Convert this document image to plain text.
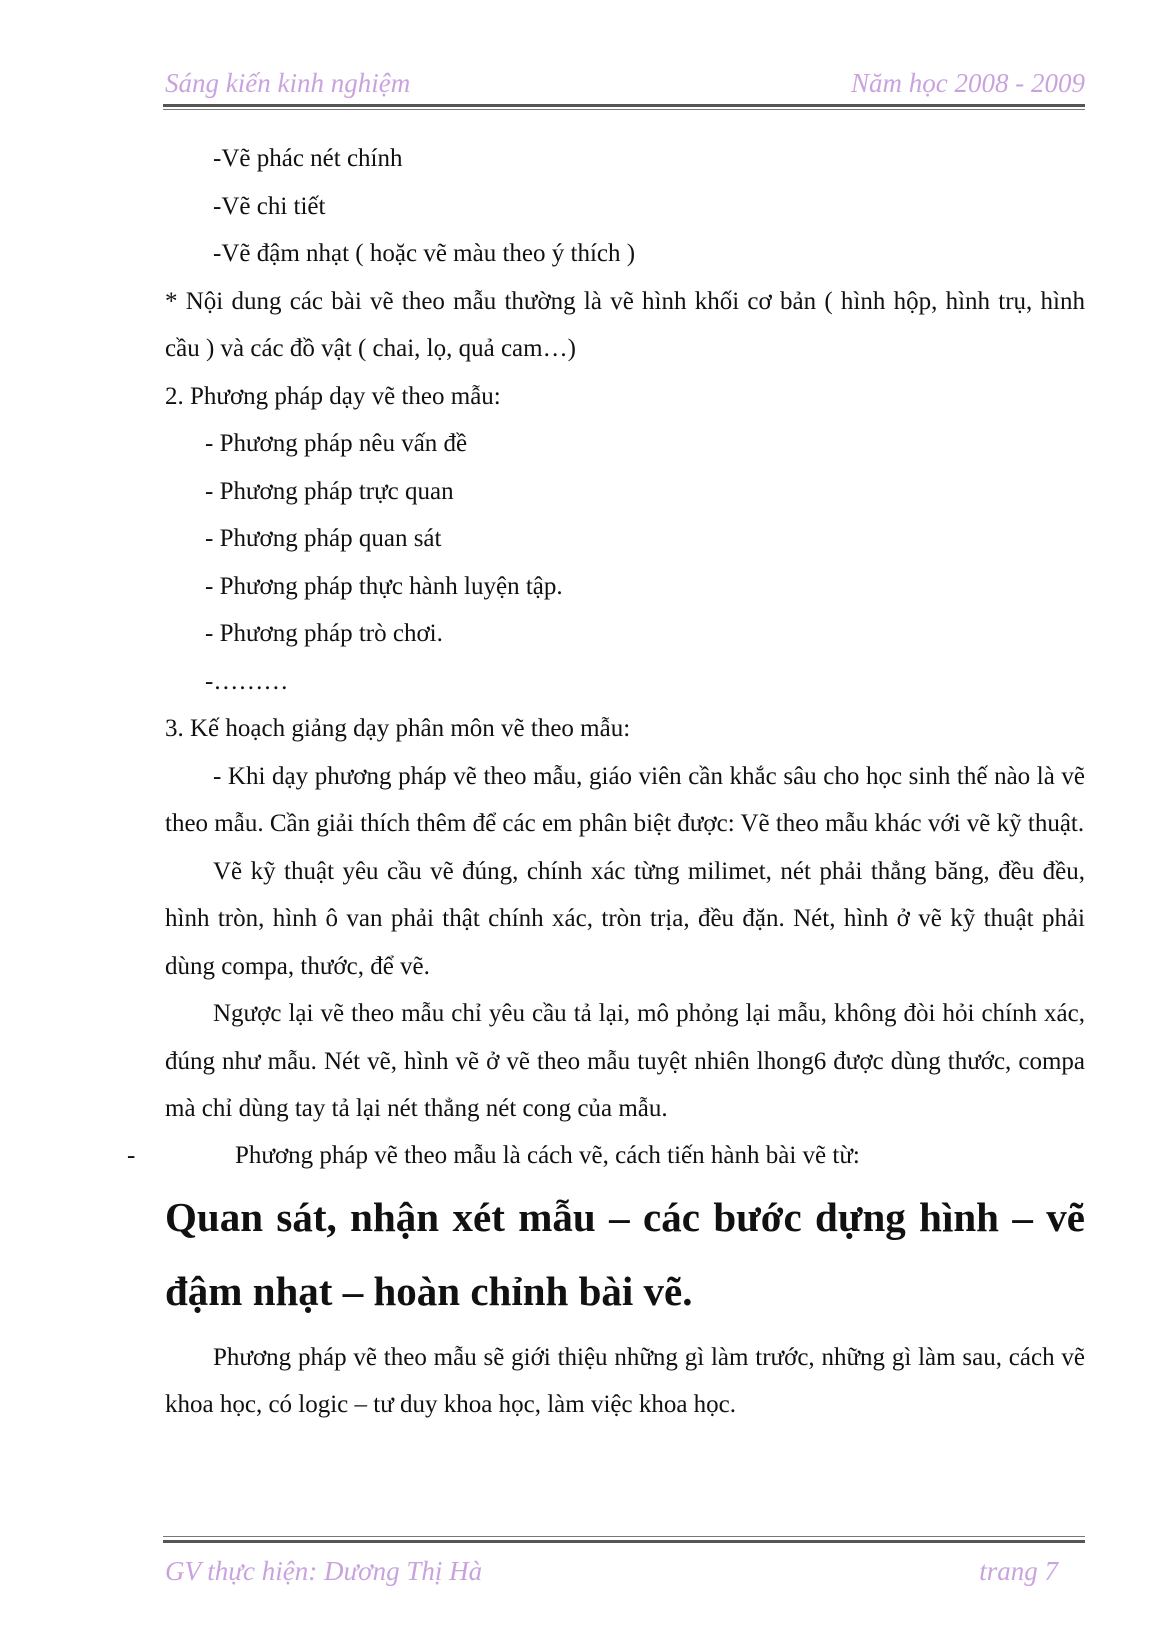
Sáng kiến kinh nghiệm	Năm học 2008 - 2009
-Vẽ phác nét chính
-Vẽ chi tiết
-Vẽ đậm nhạt ( hoặc vẽ màu theo ý thích )

* Nội dung các bài vẽ theo mẫu thường là vẽ hình khối cơ bản ( hình hộp, hình trụ, hình cầu ) và các đồ vật ( chai, lọ, quả cam…)

2. Phương pháp dạy vẽ theo mẫu:
- Phương pháp nêu vấn đề
- Phương pháp trực quan
- Phương pháp quan sát
- Phương pháp thực hành luyện tập.
- Phương pháp trò chơi.
-………
3. Kế hoạch giảng dạy phân môn vẽ theo mẫu:

- Khi dạy phương pháp vẽ theo mẫu, giáo viên cần khắc sâu cho học sinh thế nào là vẽ theo mẫu. Cần giải thích thêm để các em phân biệt được: Vẽ theo mẫu khác với vẽ kỹ thuật.

Vẽ kỹ thuật yêu cầu vẽ đúng, chính xác từng milimet, nét phải thẳng băng, đều đều, hình tròn, hình ô van phải thật chính xác, tròn trịa, đều đặn. Nét, hình ở vẽ kỹ thuật phải dùng compa, thước, để vẽ.

Ngược lại vẽ theo mẫu chỉ yêu cầu tả lại, mô phỏng lại mẫu, không đòi hỏi chính xác, đúng như mẫu. Nét vẽ, hình vẽ ở vẽ theo mẫu tuyệt nhiên lhong6 được dùng thước, compa mà chỉ dùng tay tả lại nét thẳng nét cong của mẫu.

-	Phương pháp vẽ theo mẫu là cách vẽ, cách tiến hành bài vẽ từ:

Quan sát, nhận xét mẫu – các bước dựng hình – vẽ đậm nhạt – hoàn chỉnh bài vẽ.

Phương pháp vẽ theo mẫu sẽ giới thiệu những gì làm trước, những gì làm sau, cách vẽ khoa học, có logic – tư duy khoa học, làm việc khoa học.

GV thực hiện: Dương Thị Hà	trang 7
